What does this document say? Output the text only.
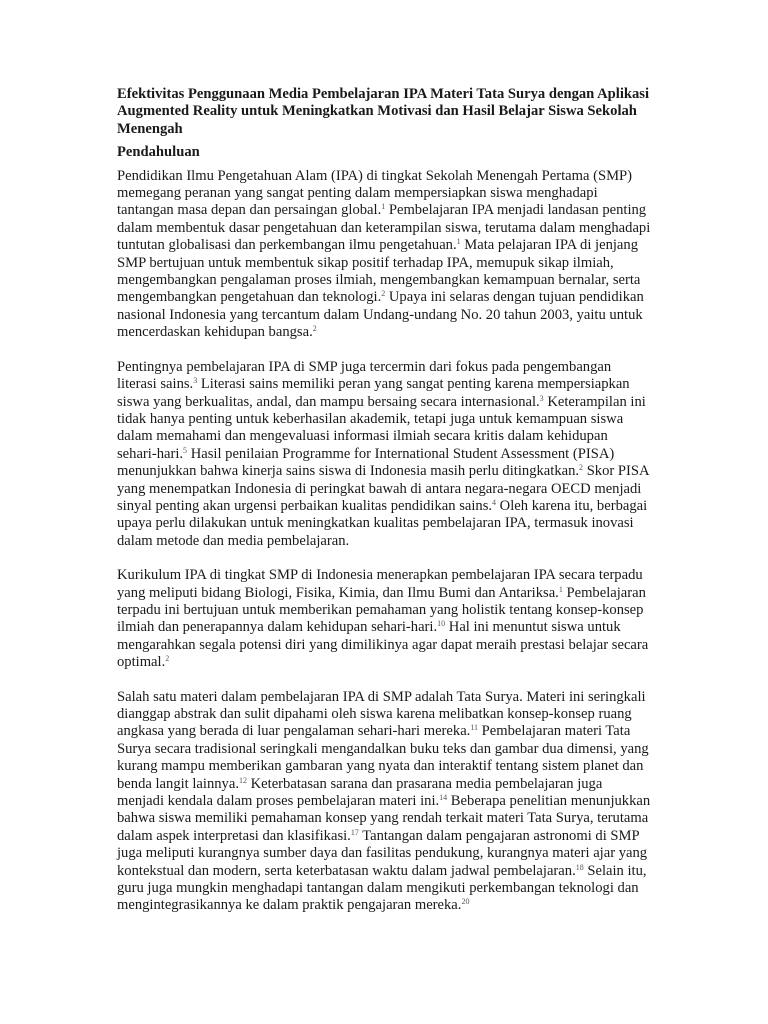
Efektivitas Penggunaan Media Pembelajaran IPA Materi Tata Surya dengan Aplikasi Augmented Reality untuk Meningkatkan Motivasi dan Hasil Belajar Siswa Sekolah Menengah
Pendahuluan

Pendidikan Ilmu Pengetahuan Alam (IPA) di tingkat Sekolah Menengah Pertama (SMP) memegang peranan yang sangat penting dalam mempersiapkan siswa menghadapi tantangan masa depan dan persaingan global.$^1$ Pembelajaran IPA menjadi landasan penting dalam membentuk dasar pengetahuan dan keterampilan siswa, terutama dalam menghadapi tuntutan globalisasi dan perkembangan ilmu pengetahuan.$^1$ Mata pelajaran IPA di jenjang SMP bertujuan untuk membentuk sikap positif terhadap IPA, memupuk sikap ilmiah, mengembangkan pengalaman proses ilmiah, mengembangkan kemampuan bernalar, serta mengembangkan pengetahuan dan teknologi.$^2$ Upaya ini selaras dengan tujuan pendidikan nasional Indonesia yang tercantum dalam Undang-undang No. 20 tahun 2003, yaitu untuk mencerdaskan kehidupan bangsa.$^2$

Pentingnya pembelajaran IPA di SMP juga tercermin dari fokus pada pengembangan literasi sains.$^3$ Literasi sains memiliki peran yang sangat penting karena mempersiapkan siswa yang berkualitas, andal, dan mampu bersaing secara internasional.$^3$ Keterampilan ini tidak hanya penting untuk keberhasilan akademik, tetapi juga untuk kemampuan siswa dalam memahami dan mengevaluasi informasi ilmiah secara kritis dalam kehidupan sehari-hari.$^5$ Hasil penilaian Programme for International Student Assessment (PISA) menunjukkan bahwa kinerja sains siswa di Indonesia masih perlu ditingkatkan.$^2$ Skor PISA yang menempatkan Indonesia di peringkat bawah di antara negara-negara OECD menjadi sinyal penting akan urgensi perbaikan kualitas pendidikan sains.$^4$ Oleh karena itu, berbagai upaya perlu dilakukan untuk meningkatkan kualitas pembelajaran IPA, termasuk inovasi dalam metode dan media pembelajaran.

Kurikulum IPA di tingkat SMP di Indonesia menerapkan pembelajaran IPA secara terpadu yang meliputi bidang Biologi, Fisika, Kimia, dan Ilmu Bumi dan Antariksa.$^1$ Pembelajaran terpadu ini bertujuan untuk memberikan pemahaman yang holistik tentang konsep-konsep ilmiah dan penerapannya dalam kehidupan sehari-hari.$^{10}$ Hal ini menuntut siswa untuk mengarahkan segala potensi diri yang dimilikinya agar dapat meraih prestasi belajar secara optimal.$^2$

Salah satu materi dalam pembelajaran IPA di SMP adalah Tata Surya. Materi ini seringkali dianggap abstrak dan sulit dipahami oleh siswa karena melibatkan konsep-konsep ruang angkasa yang berada di luar pengalaman sehari-hari mereka.$^{11}$ Pembelajaran materi Tata Surya secara tradisional seringkali mengandalkan buku teks dan gambar dua dimensi, yang kurang mampu memberikan gambaran yang nyata dan interaktif tentang sistem planet dan benda langit lainnya.$^{12}$ Keterbatasan sarana dan prasarana media pembelajaran juga menjadi kendala dalam proses pembelajaran materi ini.$^{14}$ Beberapa penelitian menunjukkan bahwa siswa memiliki pemahaman konsep yang rendah terkait materi Tata Surya, terutama dalam aspek interpretasi dan klasifikasi.$^{17}$ Tantangan dalam pengajaran astronomi di SMP juga meliputi kurangnya sumber daya dan fasilitas pendukung, kurangnya materi ajar yang kontekstual dan modern, serta keterbatasan waktu dalam jadwal pembelajaran.$^{18}$ Selain itu, guru juga mungkin menghadapi tantangan dalam mengikuti perkembangan teknologi dan mengintegrasikannya ke dalam praktik pengajaran mereka.$^{20}$
